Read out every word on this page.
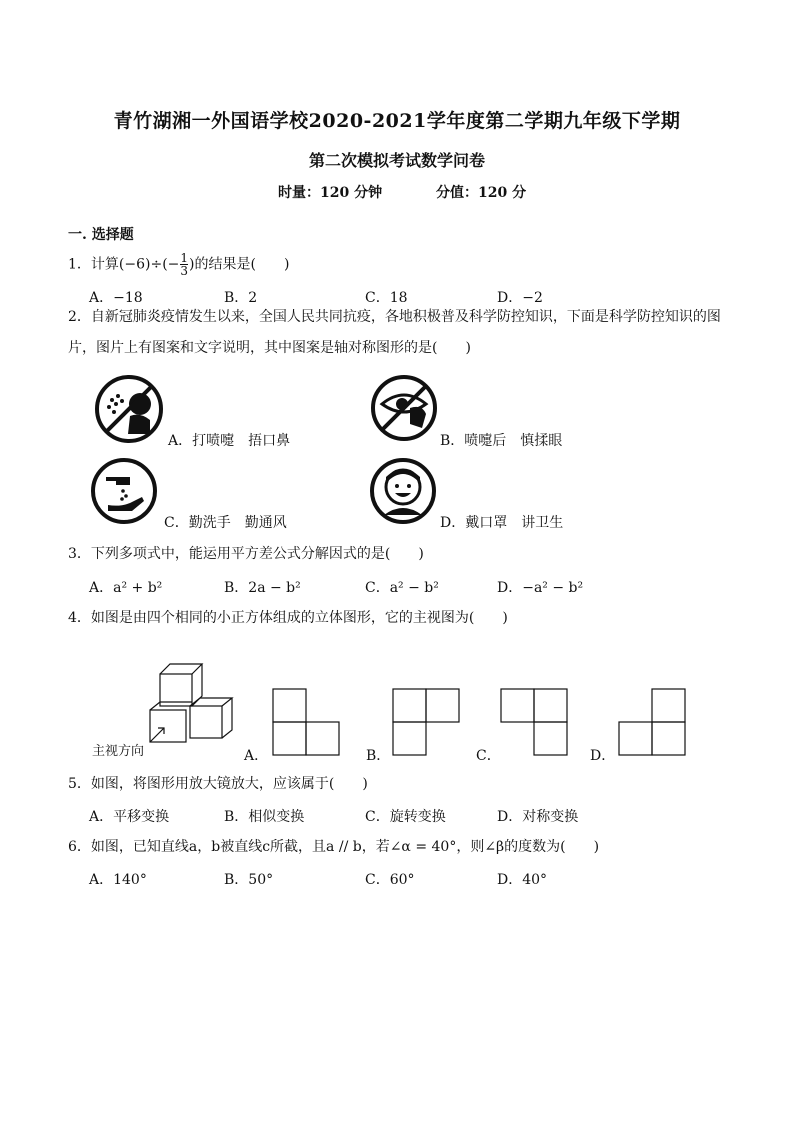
青竹湖湘一外国语学校2020-2021学年度第二学期九年级下学期
第二次模拟考试数学问卷
时量：120 分钟	分值：120 分
一. 选择题
1．计算$(-6)\div(- \frac{1}{3}$ )的结果是(　　)
A．−18	B．2	C．18	D．−2
2．自新冠肺炎疫情发生以来，全国人民共同抗疫，各地积极普及科学防控知识，下面是科学防控知识的图
片，图片上有图案和文字说明，其中图案是轴对称图形的是(　　)
A．打喷嚏　捂口鼻	B．喷嚏后　慎揉眼
C．勤洗手　勤通风	D．戴口罩　讲卫生
3．下列多项式中，能运用平方差公式分解因式的是(　　)
A．a² + b²	B．2a − b²	C．a² − b²	D．−a² − b²
4．如图是由四个相同的小正方体组成的立体图形，它的主视图为(　　)
主视方向	A．	B．	C．	D．
5．如图，将图形用放大镜放大，应该属于(　　)
A．平移变换	B．相似变换	C．旋转变换	D．对称变换
6．如图，已知直线a，b被直线c所截，且a // b，若∠α = 40°，则∠β的度数为(　　)
A．140°	B．50°	C．60°	D．40°
